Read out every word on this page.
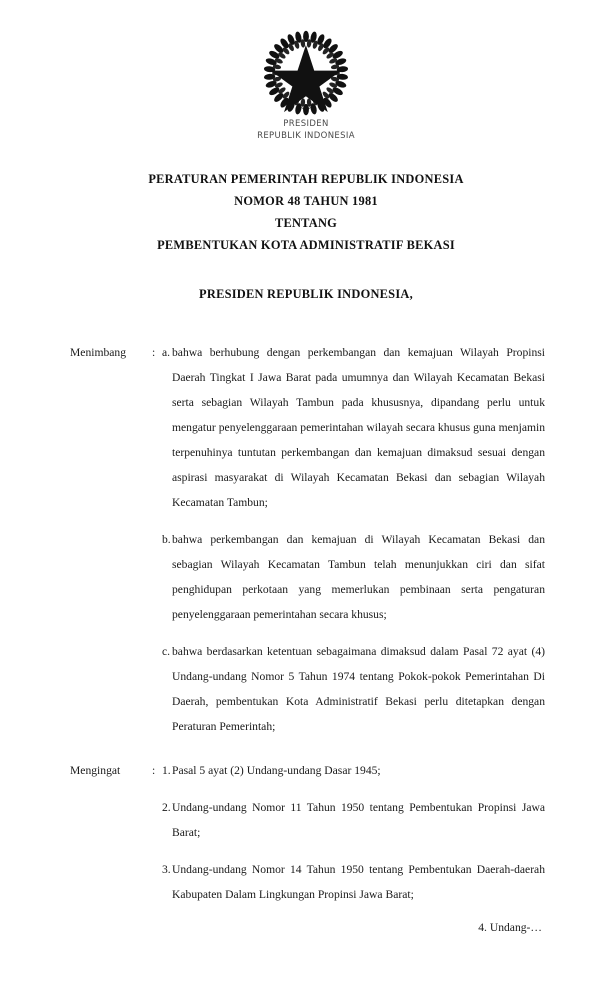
PRESIDEN
REPUBLIK INDONESIA
PERATURAN PEMERINTAH REPUBLIK INDONESIA
NOMOR 48 TAHUN 1981
TENTANG
PEMBENTUKAN KOTA ADMINISTRATIF BEKASI
PRESIDEN REPUBLIK INDONESIA,
Menimbang	: a. bahwa berhubung dengan perkembangan dan kemajuan Wilayah Propinsi Daerah Tingkat I Jawa Barat pada umumnya dan Wilayah Kecamatan Bekasi serta sebagian Wilayah Tambun pada khususnya, dipandang perlu untuk mengatur penyelenggaraan pemerintahan wilayah secara khusus guna menjamin terpenuhinya tuntutan perkembangan dan kemajuan dimaksud sesuai dengan aspirasi masyarakat di Wilayah Kecamatan Bekasi dan sebagian Wilayah Kecamatan Tambun;
b. bahwa perkembangan dan kemajuan di Wilayah Kecamatan Bekasi dan sebagian Wilayah Kecamatan Tambun telah menunjukkan ciri dan sifat penghidupan perkotaan yang memerlukan pembinaan serta pengaturan penyelenggaraan pemerintahan secara khusus;
c. bahwa berdasarkan ketentuan sebagaimana dimaksud dalam Pasal 72 ayat (4) Undang-undang Nomor 5 Tahun 1974 tentang Pokok-pokok Pemerintahan Di Daerah, pembentukan Kota Administratif Bekasi perlu ditetapkan dengan Peraturan Pemerintah;
Mengingat	: 1. Pasal 5 ayat (2) Undang-undang Dasar 1945;
2. Undang-undang Nomor 11 Tahun 1950 tentang Pembentukan Propinsi Jawa Barat;
3. Undang-undang Nomor 14 Tahun 1950 tentang Pembentukan Daerah-daerah Kabupaten Dalam Lingkungan Propinsi Jawa Barat;
4. Undang-…
